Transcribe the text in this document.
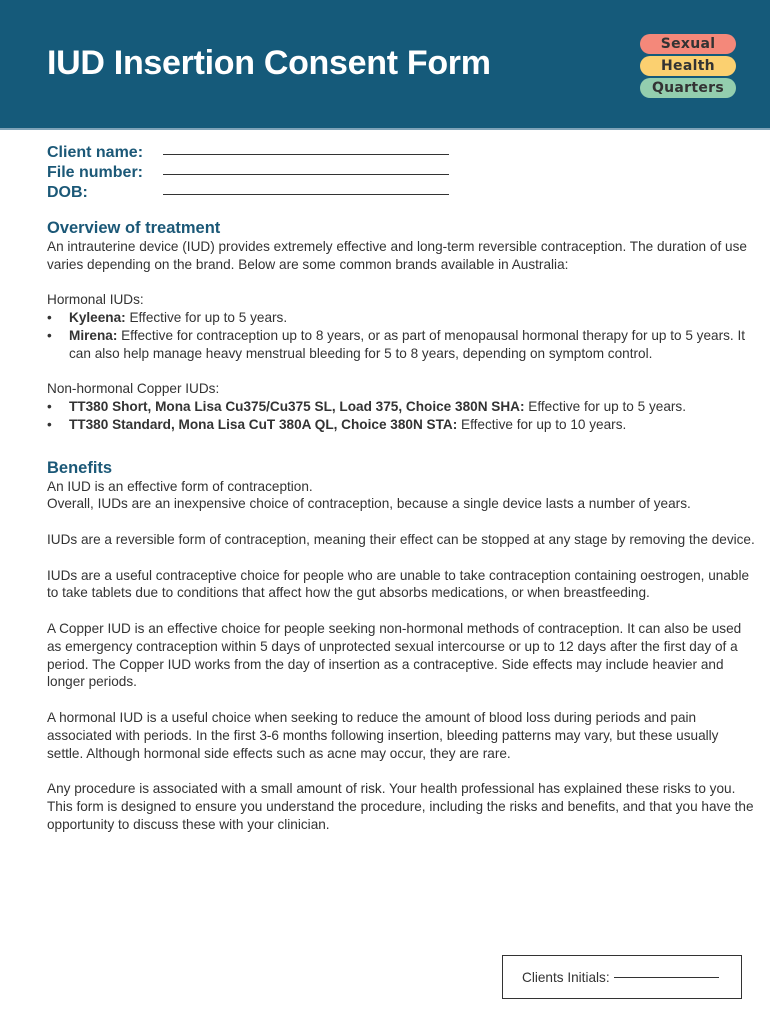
IUD Insertion Consent Form	Sexual
Health
Quarters
Client name:
File number:
DOB:
Overview of treatment

An intrauterine device (IUD) provides extremely effective and long-term reversible contraception. The duration of use varies depending on the brand. Below are some common brands available in Australia:

Hormonal IUDs:
• Kyleena: Effective for up to 5 years.
• Mirena: Effective for contraception up to 8 years, or as part of menopausal hormonal therapy for up to 5 years. It can also help manage heavy menstrual bleeding for 5 to 8 years, depending on symptom control.
Non-hormonal Copper IUDs:
• TT380 Short, Mona Lisa Cu375/Cu375 SL, Load 375, Choice 380N SHA: Effective for up to 5 years.
• TT380 Standard, Mona Lisa CuT 380A QL, Choice 380N STA: Effective for up to 10 years.
Benefits
An IUD is an effective form of contraception.

Overall, IUDs are an inexpensive choice of contraception, because a single device lasts a number of years.

IUDs are a reversible form of contraception, meaning their effect can be stopped at any stage by removing the device.

IUDs are a useful contraceptive choice for people who are unable to take contraception containing oestrogen, unable to take tablets due to conditions that affect how the gut absorbs medications, or when breastfeeding.

A Copper IUD is an effective choice for people seeking non-hormonal methods of contraception. It can also be used as emergency contraception within 5 days of unprotected sexual intercourse or up to 12 days after the first day of a period. The Copper IUD works from the day of insertion as a contraceptive. Side effects may include heavier and longer periods.

A hormonal IUD is a useful choice when seeking to reduce the amount of blood loss during periods and pain associated with periods. In the first 3-6 months following insertion, bleeding patterns may vary, but these usually settle. Although hormonal side effects such as acne may occur, they are rare.

Any procedure is associated with a small amount of risk. Your health professional has explained these risks to you. This form is designed to ensure you understand the procedure, including the risks and benefits, and that you have the opportunity to discuss these with your clinician.

Clients Initials:
